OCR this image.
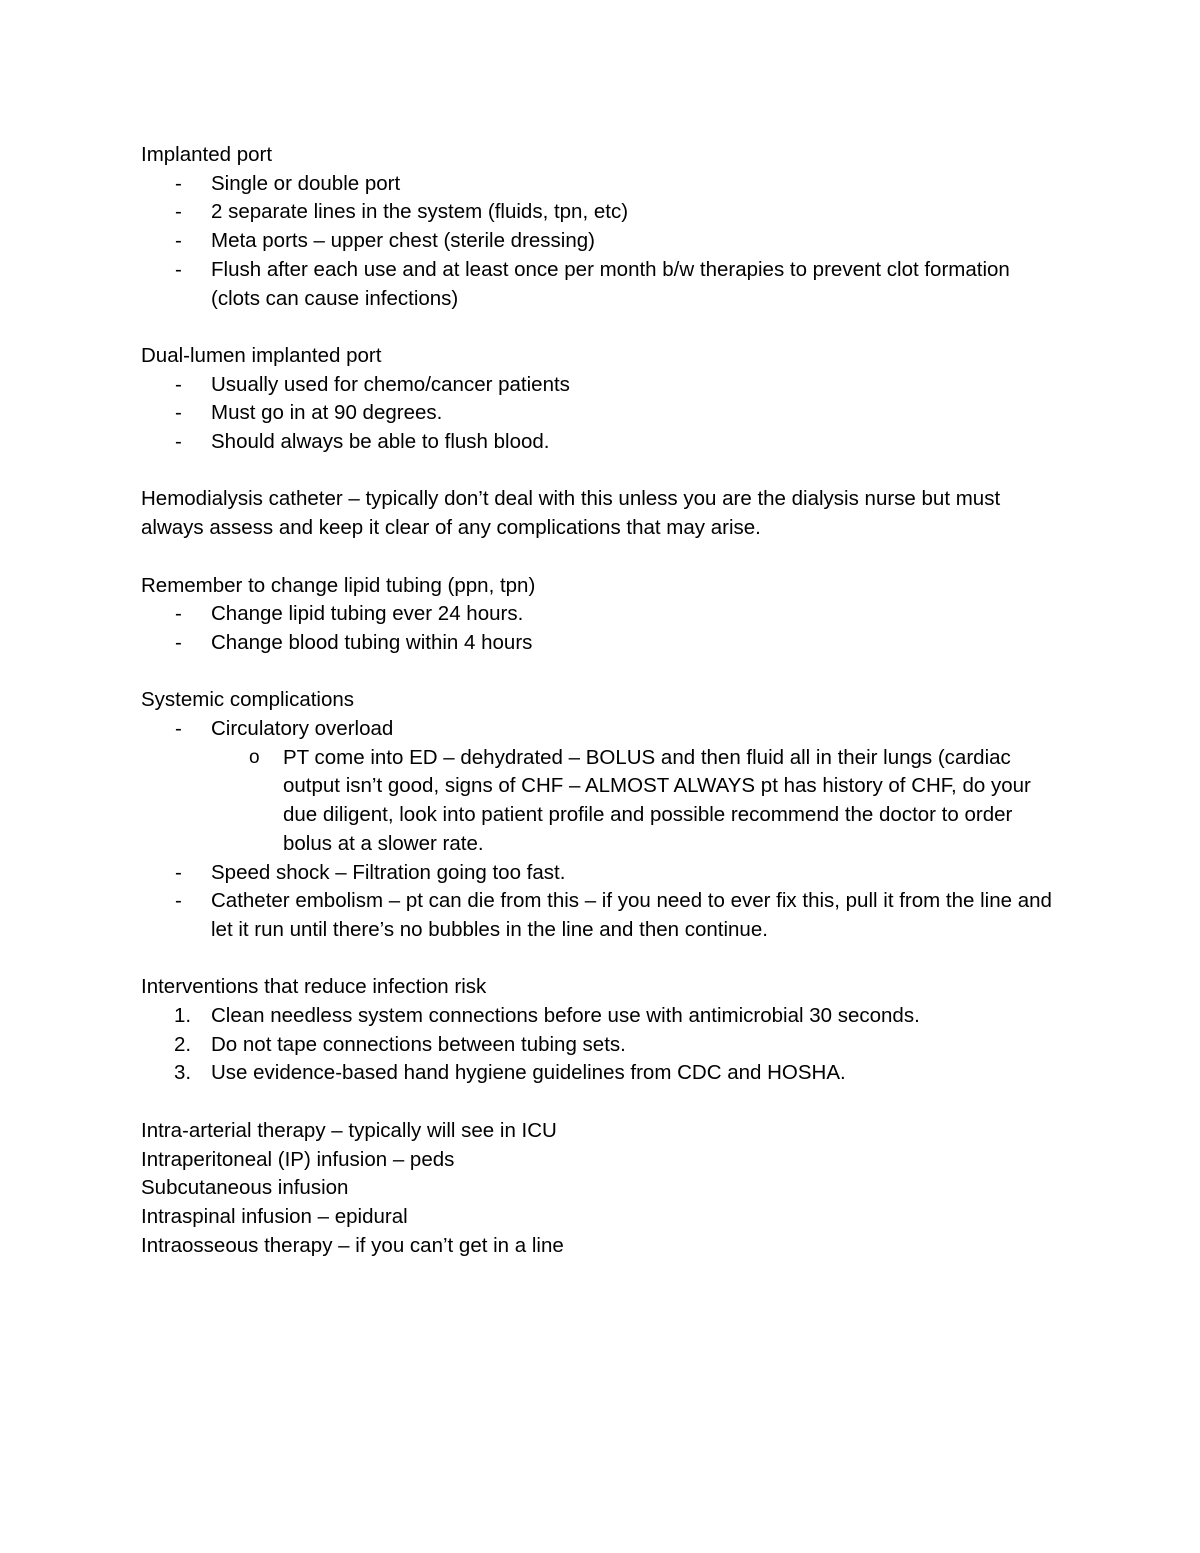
Implanted port

- Single or double port
- 2 separate lines in the system (fluids, tpn, etc)
- Meta ports – upper chest (sterile dressing)
- Flush after each use and at least once per month b/w therapies to prevent clot formation (clots can cause infections)

Dual-lumen implanted port

- Usually used for chemo/cancer patients
- Must go in at 90 degrees.
- Should always be able to flush blood.

Hemodialysis catheter – typically don’t deal with this unless you are the dialysis nurse but must always assess and keep it clear of any complications that may arise.

Remember to change lipid tubing (ppn, tpn)

- Change lipid tubing ever 24 hours.
- Change blood tubing within 4 hours

Systemic complications

- Circulatory overload
o PT come into ED – dehydrated – BOLUS and then fluid all in their lungs (cardiac output isn’t good, signs of CHF – ALMOST ALWAYS pt has history of CHF, do your due diligent, look into patient profile and possible recommend the doctor to order bolus at a slower rate.
- Speed shock – Filtration going too fast.
- Catheter embolism – pt can die from this – if you need to ever fix this, pull it from the line and let it run until there’s no bubbles in the line and then continue.

Interventions that reduce infection risk

1. Clean needless system connections before use with antimicrobial 30 seconds.
2. Do not tape connections between tubing sets.
3. Use evidence-based hand hygiene guidelines from CDC and HOSHA.

Intra-arterial therapy – typically will see in ICU

Intraperitoneal (IP) infusion – peds

Subcutaneous infusion

Intraspinal infusion – epidural

Intraosseous therapy – if you can’t get in a line
